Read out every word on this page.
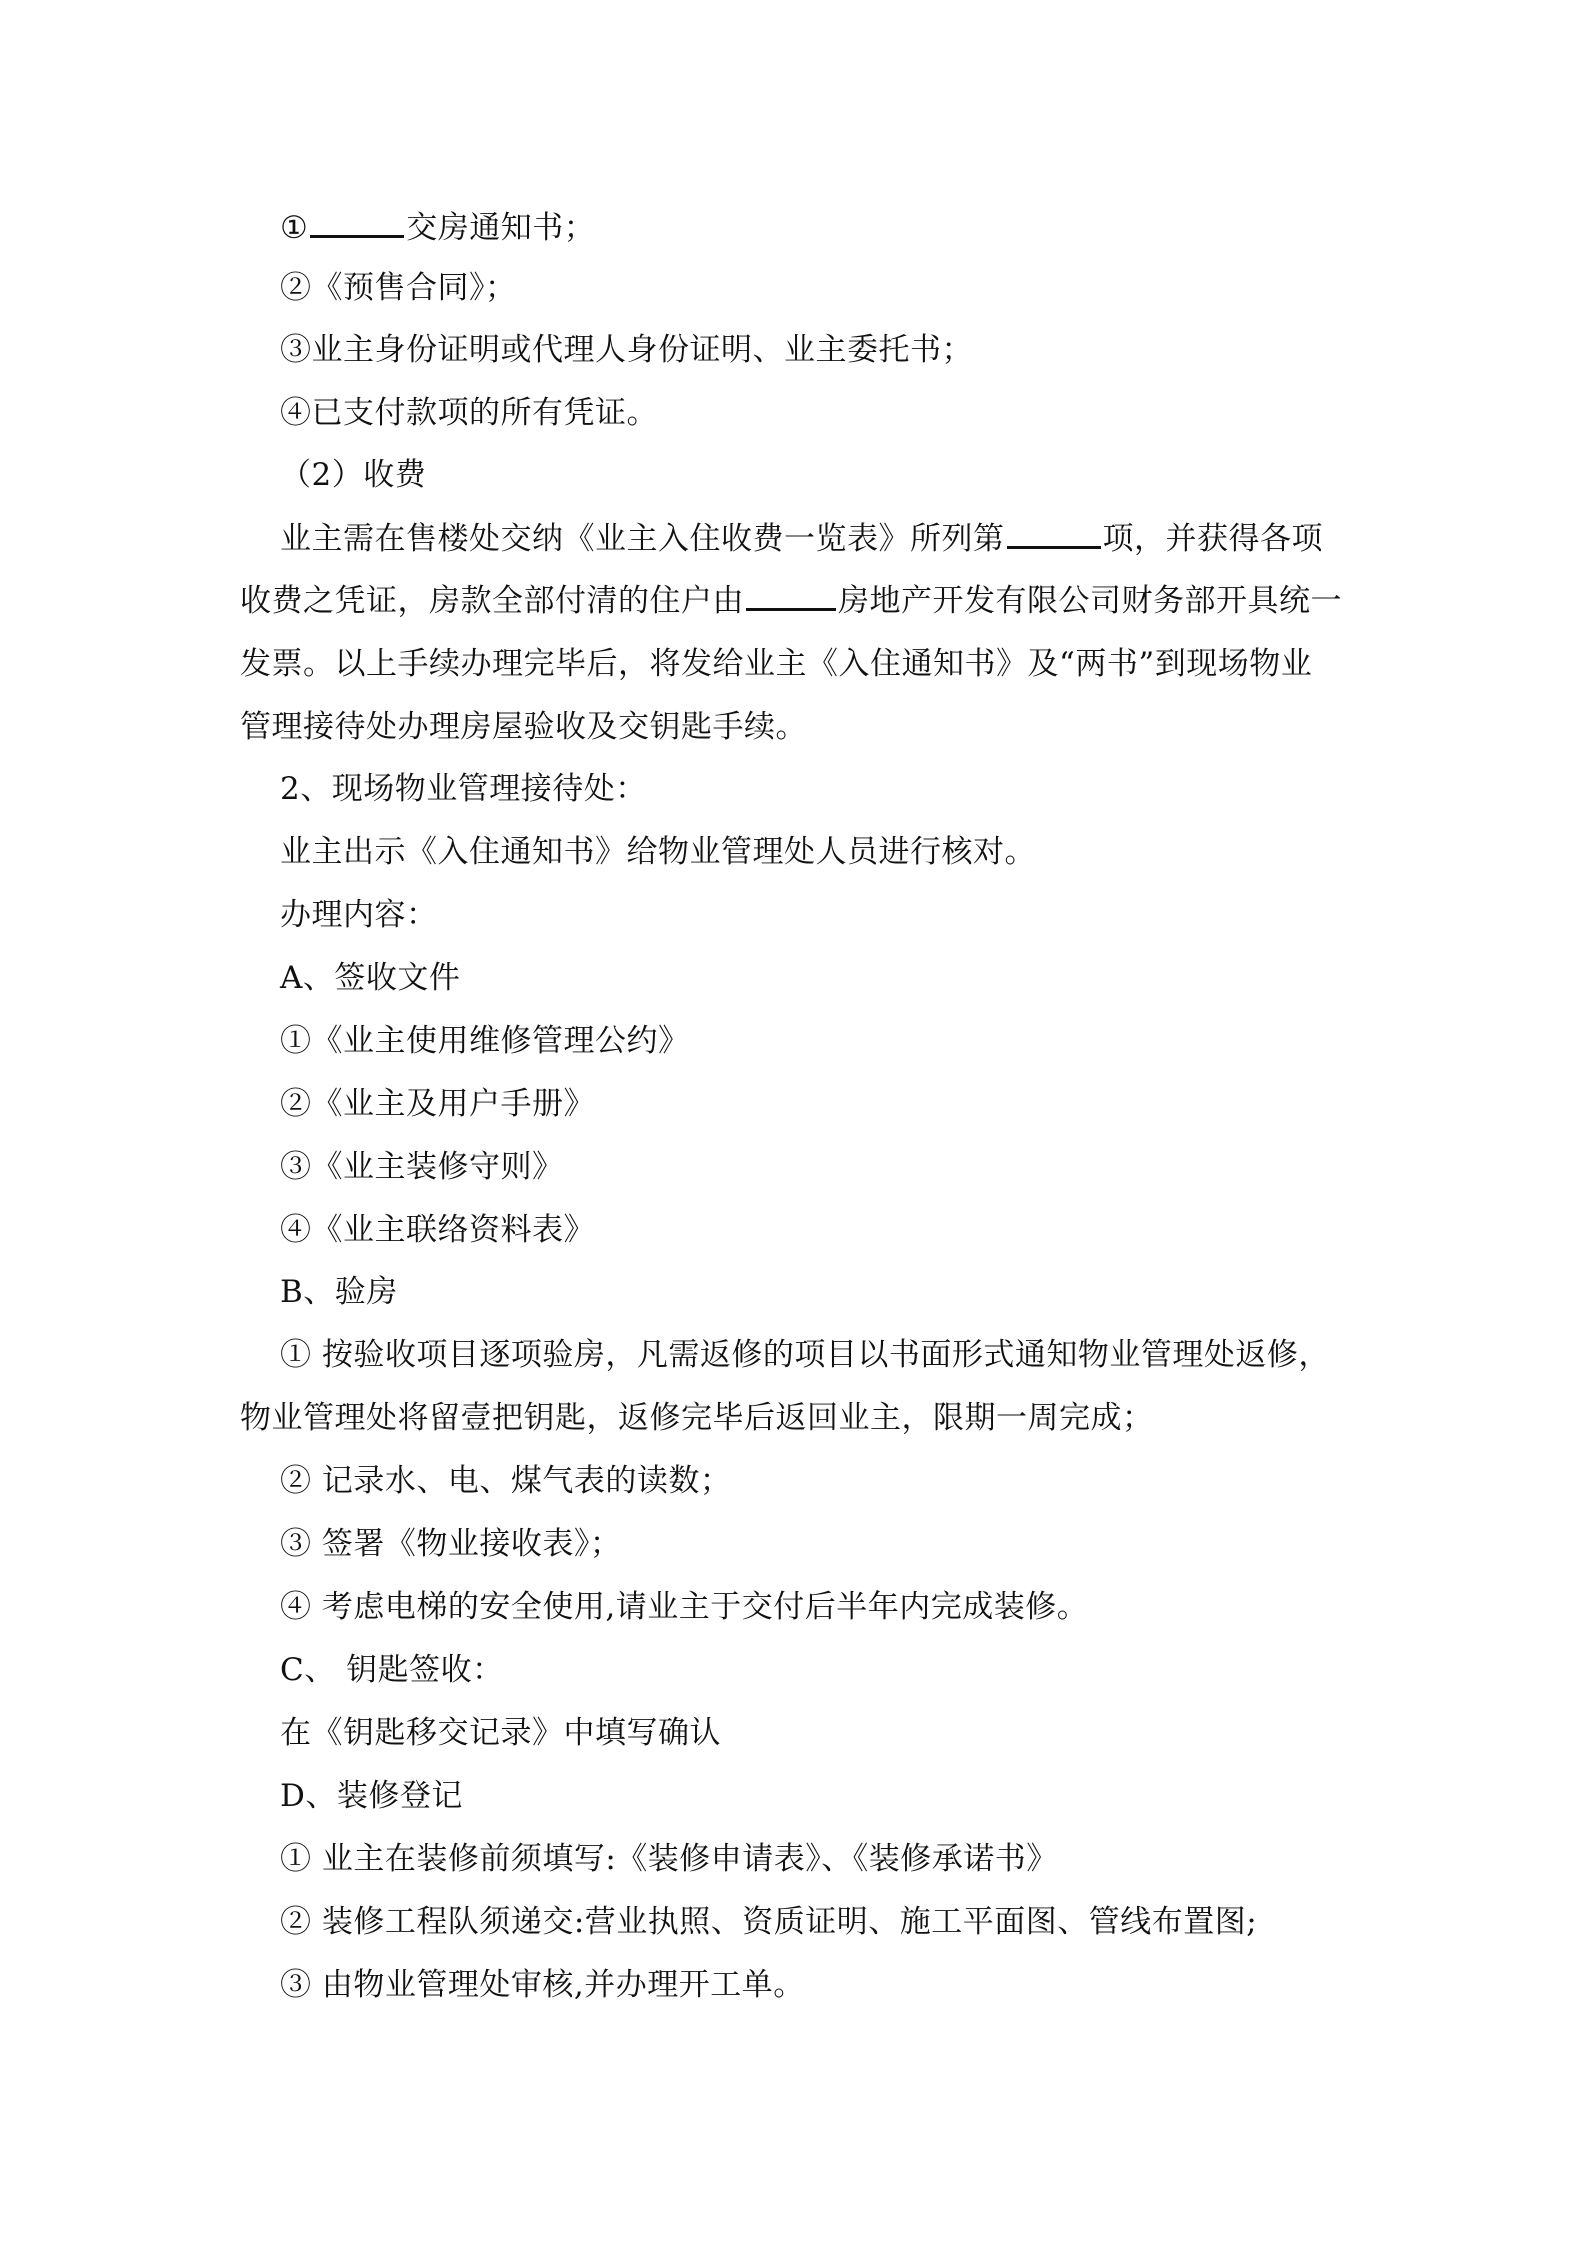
①	交房通知书；
②《预售合同》；
③业主身份证明或代理人身份证明、业主委托书；
④已支付款项的所有凭证。
（2）收费
业主需在售楼处交纳《业主入住收费一览表》所列第	项，并获得各项
收费之凭证，房款全部付清的住户由	房地产开发有限公司财务部开具统一
发票。以上手续办理完毕后，将发给业主《入住通知书》及“两书”到现场物业
管理接待处办理房屋验收及交钥匙手续。
2、现场物业管理接待处：
业主出示《入住通知书》给物业管理处人员进行核对。
办理内容：
A、签收文件
①《业主使用维修管理公约》
②《业主及用户手册》
③《业主装修守则》
④《业主联络资料表》
B、验房
① 按验收项目逐项验房，凡需返修的项目以书面形式通知物业管理处返修，
物业管理处将留壹把钥匙，返修完毕后返回业主，限期一周完成；
② 记录水、电、煤气表的读数；
③ 签署《物业接收表》；
④ 考虑电梯的安全使用,请业主于交付后半年内完成装修。
C、 钥匙签收：
在《钥匙移交记录》中填写确认
D、装修登记
① 业主在装修前须填写:《装修申请表》、《装修承诺书》
② 装修工程队须递交:营业执照、资质证明、施工平面图、管线布置图;
③ 由物业管理处审核,并办理开工单。
